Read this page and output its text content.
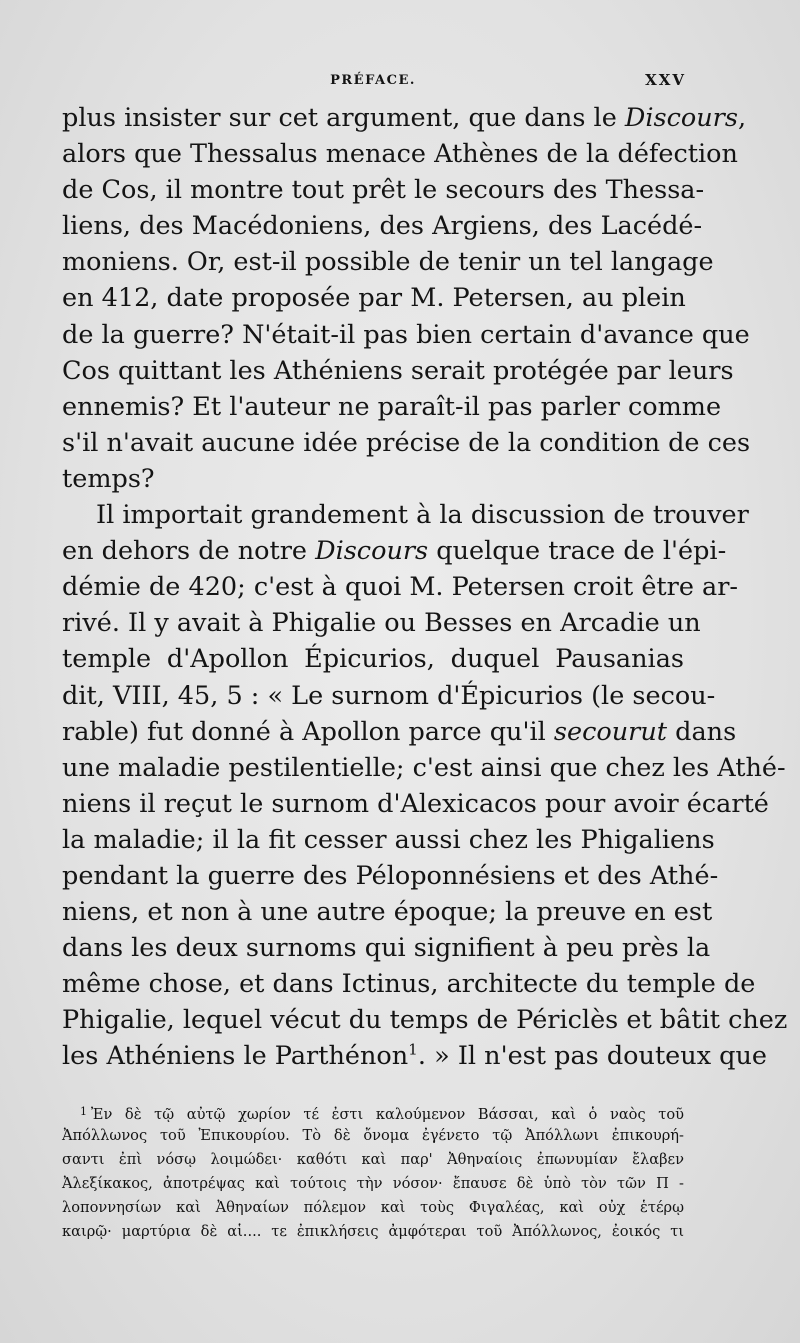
PRÉFACE.	XXV
plus insister sur cet argument, que dans le Discours,
alors que Thessalus menace Athènes de la défection
de Cos, il montre tout prêt le secours des Thessa-
liens, des Macédoniens, des Argiens, des Lacédé-
moniens. Or, est-il possible de tenir un tel langage
en 412, date proposée par M. Petersen, au plein
de la guerre? N'était-il pas bien certain d'avance que
Cos quittant les Athéniens serait protégée par leurs
ennemis? Et l'auteur ne paraît-il pas parler comme
s'il n'avait aucune idée précise de la condition de ces
temps?
Il importait grandement à la discussion de trouver
en dehors de notre Discours quelque trace de l'épi-
démie de 420; c'est à quoi M. Petersen croit être ar-
rivé. Il y avait à Phigalie ou Besses en Arcadie un
temple d'Apollon Épicurios, duquel Pausanias
dit, VIII, 45, 5 : « Le surnom d'Épicurios (le secou-
rable) fut donné à Apollon parce qu'il secourut dans
une maladie pestilentielle; c'est ainsi que chez les Athé-
niens il reçut le surnom d'Alexicacos pour avoir écarté
la maladie; il la fit cesser aussi chez les Phigaliens
pendant la guerre des Péloponnésiens et des Athé-
niens, et non à une autre époque; la preuve en est
dans les deux surnoms qui signifient à peu près la
même chose, et dans Ictinus, architecte du temple de
Phigalie, lequel vécut du temps de Périclès et bâtit chez
les Athéniens le Parthénon$^1$. » Il n'est pas douteux que
$^1$ Ἐν δὲ τῷ αὐτῷ χωρίον τέ ἐστι καλούμενον Βάσσαι, καὶ ὁ ναὸς τοῦ
Ἀπόλλωνος τοῦ Ἐπικουρίου. Τὸ δὲ ὄνομα ἐγένετο τῷ Ἀπόλλωνι ἐπικουρή-
σαντι ἐπὶ νόσῳ λοιμώδει· καθότι καὶ παρ' Ἀθηναίοις ἐπωνυμίαν ἔλαβεν
Ἀλεξίκακος, ἀποτρέψας καὶ τούτοις τὴν νόσον· ἔπαυσε δὲ ὑπὸ τὸν τῶν Π -
λοποννησίων καὶ Ἀθηναίων πόλεμον καὶ τοὺς Φιγαλέας, καὶ οὐχ ἑτέρῳ
καιρῷ· μαρτύρια δὲ αἱ.... τε ἐπικλήσεις ἀμφότεραι τοῦ Ἀπόλλωνος, ἐοικός τι
